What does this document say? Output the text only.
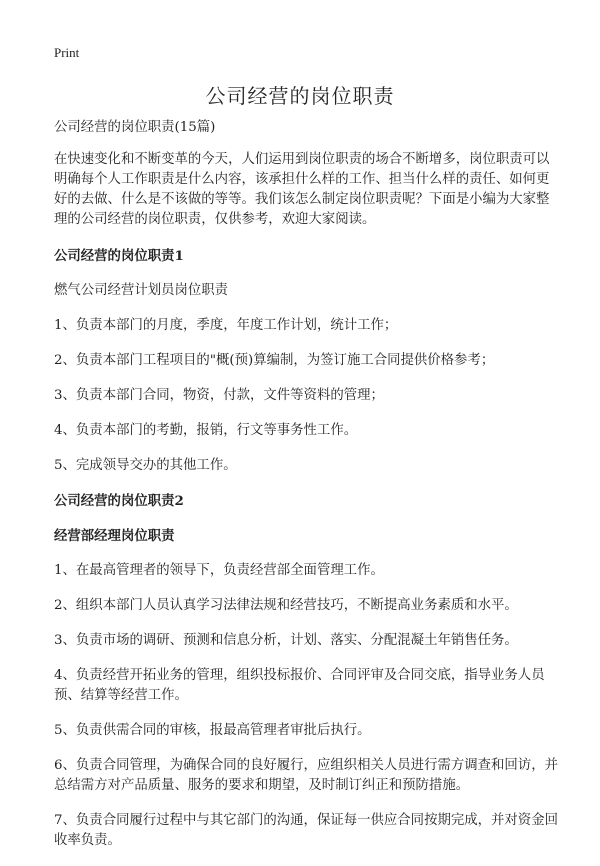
Print
公司经营的岗位职责

公司经营的岗位职责(15篇)

在快速变化和不断变革的今天，人们运用到岗位职责的场合不断增多，岗位职责可以明确每个人工作职责是什么内容，该承担什么样的工作、担当什么样的责任、如何更好的去做、什么是不该做的等等。我们该怎么制定岗位职责呢？下面是小编为大家整理的公司经营的岗位职责，仅供参考，欢迎大家阅读。

公司经营的岗位职责1

燃气公司经营计划员岗位职责

1、负责本部门的月度，季度，年度工作计划，统计工作；

2、负责本部门工程项目的"概(预)算编制，为签订施工合同提供价格参考；

3、负责本部门合同，物资，付款，文件等资料的管理；

4、负责本部门的考勤，报销，行文等事务性工作。

5、完成领导交办的其他工作。

公司经营的岗位职责2

经营部经理岗位职责

1、在最高管理者的领导下，负责经营部全面管理工作。

2、组织本部门人员认真学习法律法规和经营技巧，不断提高业务素质和水平。

3、负责市场的调研、预测和信息分析，计划、落实、分配混凝土年销售任务。

4、负责经营开拓业务的管理，组织投标报价、合同评审及合同交底，指导业务人员预、结算等经营工作。

5、负责供需合同的审核，报最高管理者审批后执行。

6、负责合同管理，为确保合同的良好履行，应组织相关人员进行需方调查和回访，并总结需方对产品质量、服务的要求和期望，及时制订纠正和预防措施。

7、负责合同履行过程中与其它部门的沟通，保证每一供应合同按期完成，并对资金回收率负责。
